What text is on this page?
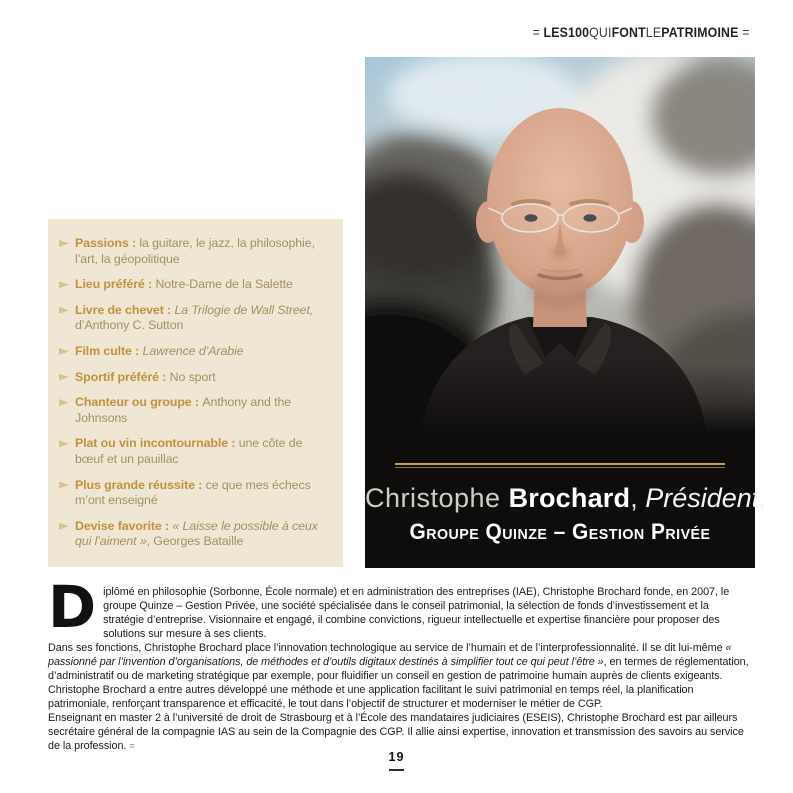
= LES100QUIFONTLEPATRIMOINE =
Passions : la guitare, le jazz, la philosophie, l’art, la géopolitique
Lieu préféré : Notre-Dame de la Salette
Livre de chevet : La Trilogie de Wall Street, d’Anthony C. Sutton
Film culte : Lawrence d’Arabie
Sportif préféré : No sport
Chanteur ou groupe : Anthony and the Johnsons
Plat ou vin incontournable : une côte de bœuf et un pauillac
Plus grande réussite : ce que mes échecs m’ont enseigné
Devise favorite : « Laisse le possible à ceux qui l’aiment », Georges Bataille
Christophe Brochard, Président,
Groupe Quinze – Gestion Privée

Diplômé en philosophie (Sorbonne, École normale) et en administration des entreprises (IAE), Christophe Brochard fonde, en 2007, le groupe Quinze – Gestion Privée, une société spécialisée dans le conseil patrimonial, la sélection de fonds d’investissement et la stratégie d’entreprise. Visionnaire et engagé, il combine convictions, rigueur intellectuelle et expertise financière pour proposer des solutions sur mesure à ses clients.

Dans ses fonctions, Christophe Brochard place l’innovation technologique au service de l’humain et de l’interprofessionnalité. Il se dit lui-même « passionné par l’invention d’organisations, de méthodes et d’outils digitaux destinés à simplifier tout ce qui peut l’être », en termes de réglementation, d’administratif ou de marketing stratégique par exemple, pour fluidifier un conseil en gestion de patrimoine humain auprès de clients exigeants. Christophe Brochard a entre autres développé une méthode et une application facilitant le suivi patrimonial en temps réel, la planification patrimoniale, renforçant transparence et efficacité, le tout dans l’objectif de structurer et moderniser le métier de CGP.

Enseignant en master 2 à l’université de droit de Strasbourg et à l’École des mandataires judiciaires (ESEIS), Christophe Brochard est par ailleurs secrétaire général de la compagnie IAS au sein de la Compagnie des CGP. Il allie ainsi expertise, innovation et transmission des savoirs au service de la profession. =

19
